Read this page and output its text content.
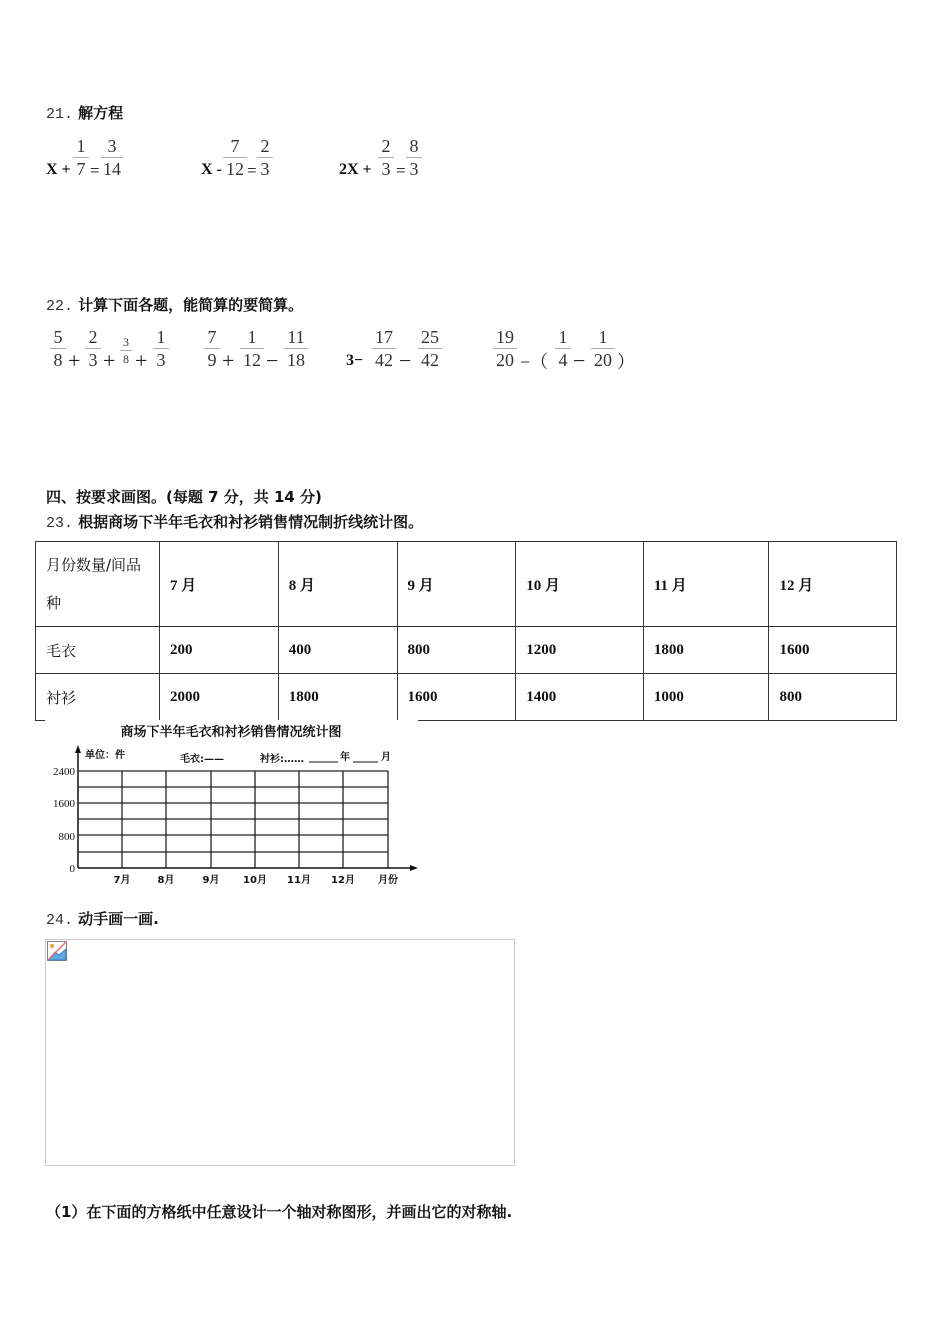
21. 解方程
$X + \frac{1}{7} = \frac{3}{14}$	$X - \frac{7}{12} = \frac{2}{3}$	$2X + \frac{2}{3} = \frac{8}{3}$
22. 计算下面各题，能简算的要简算。
$\frac{5}{8} + \frac{2}{3} + \frac{3}{8} + \frac{1}{3} \frac{7}{9} + \frac{1}{12} - \frac{11}{18} 3- \frac{17}{42} - \frac{25}{42}$	$\frac{19}{20}$ −（ $\frac{1}{4} - \frac{1}{20}$ ）
四、按要求画图。(每题 7 分，共 14 分)
23. 根据商场下半年毛衣和衬衫销售情况制折线统计图。
月份数量/间品
种	7 月	8 月	9 月	10 月	11 月	12 月
毛衣	200	400	800	1200	1800	1600
衬衫	2000	1800	1600	1400	1000	800
商场下半年毛衣和衬衫销售情况统计图
单位：件	毛衣:——	衬衫:……	年	月
2400
1600
800
0
7月	8月	9月 10月 11月 12月 月份
24. 动手画一画.
（1）在下面的方格纸中任意设计一个轴对称图形，并画出它的对称轴.
